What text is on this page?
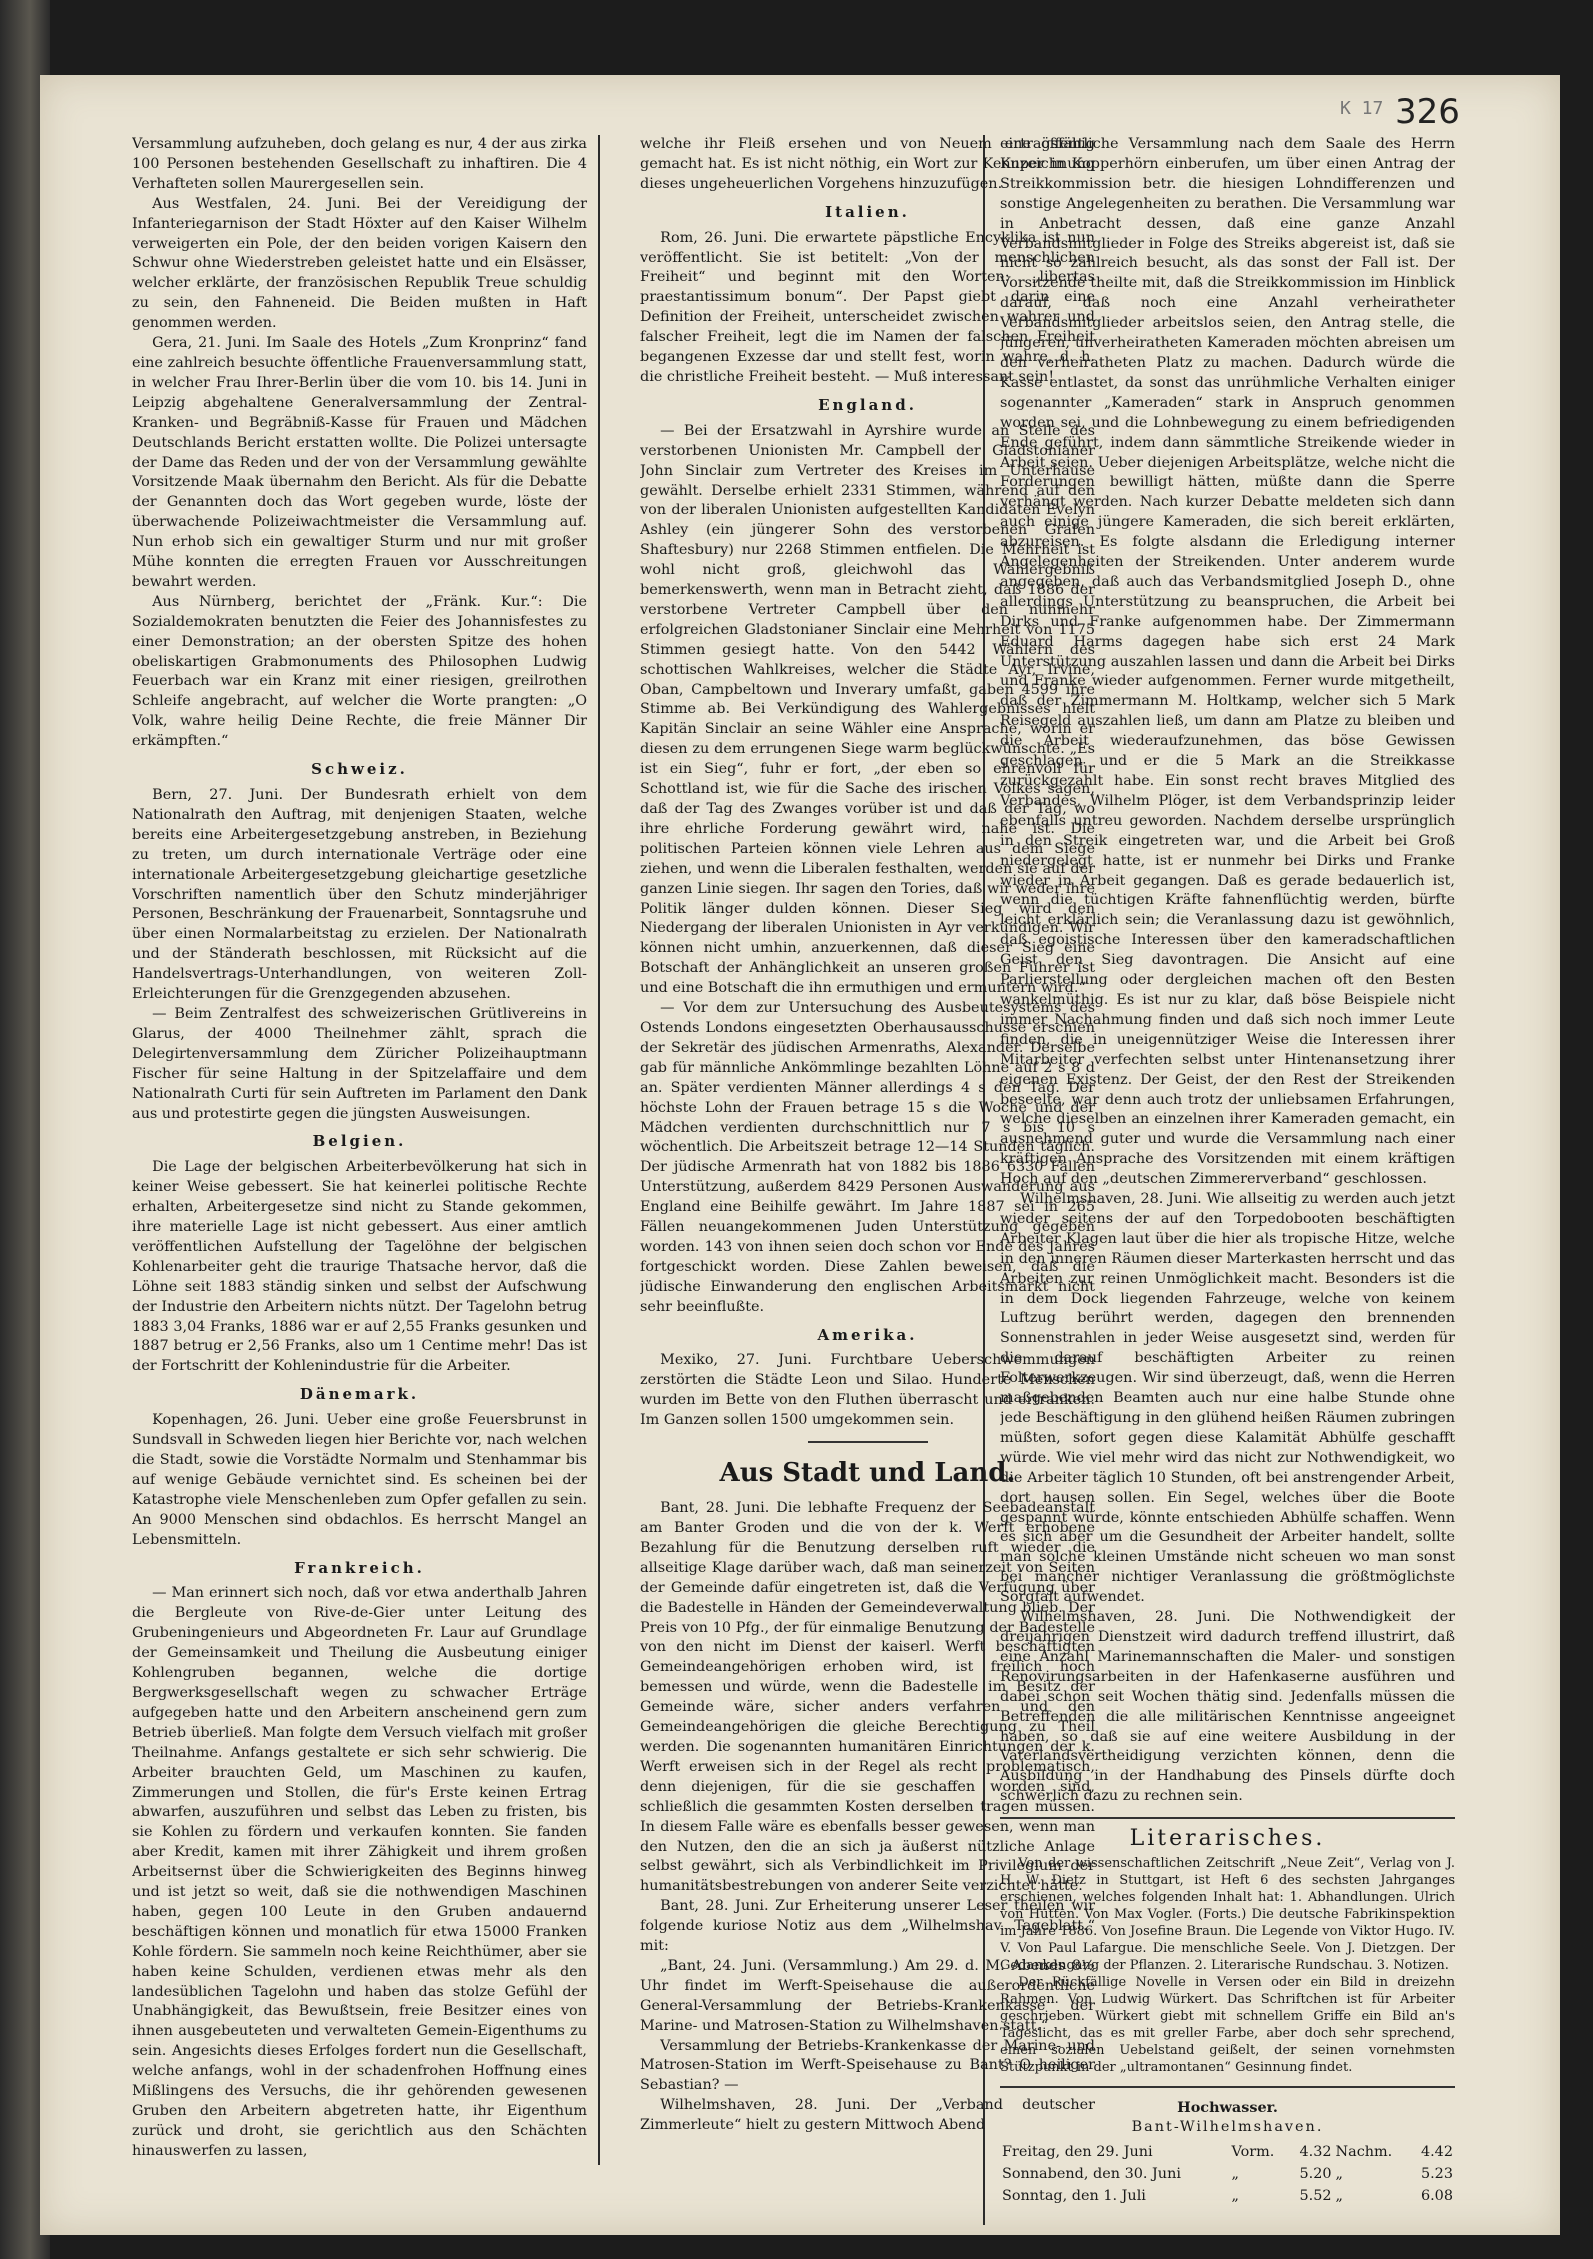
K 17 326

Versammlung aufzuheben, doch gelang es nur, 4 der aus zirka 100 Personen bestehenden Gesellschaft zu inhaftiren. Die 4 Verhafteten sollen Maurergesellen sein.

Aus Westfalen, 24. Juni. Bei der Vereidigung der Infanteriegarnison der Stadt Höxter auf den Kaiser Wilhelm verweigerten ein Pole, der den beiden vorigen Kaisern den Schwur ohne Wiederstreben geleistet hatte und ein Elsässer, welcher erklärte, der französischen Republik Treue schuldig zu sein, den Fahneneid. Die Beiden mußten in Haft genommen werden.

Gera, 21. Juni. Im Saale des Hotels „Zum Kronprinz“ fand eine zahlreich besuchte öffentliche Frauenversammlung statt, in welcher Frau Ihrer-Berlin über die vom 10. bis 14. Juni in Leipzig abgehaltene Generalversammlung der Zentral-Kranken- und Begräbniß-Kasse für Frauen und Mädchen Deutschlands Bericht erstatten wollte. Die Polizei untersagte der Dame das Reden und der von der Versammlung gewählte Vorsitzende Maak übernahm den Bericht. Als für die Debatte der Genannten doch das Wort gegeben wurde, löste der überwachende Polizeiwachtmeister die Versammlung auf. Nun erhob sich ein gewaltiger Sturm und nur mit großer Mühe konnten die erregten Frauen vor Ausschreitungen bewahrt werden.

Aus Nürnberg, berichtet der „Fränk. Kur.“: Die Sozialdemokraten benutzten die Feier des Johannisfestes zu einer Demonstration; an der obersten Spitze des hohen obeliskartigen Grabmonuments des Philosophen Ludwig Feuerbach war ein Kranz mit einer riesigen, greilrothen Schleife angebracht, auf welcher die Worte prangten: „O Volk, wahre heilig Deine Rechte, die freie Männer Dir erkämpften.“

Schweiz.

Bern, 27. Juni. Der Bundesrath erhielt von dem Nationalrath den Auftrag, mit denjenigen Staaten, welche bereits eine Arbeitergesetzgebung anstreben, in Beziehung zu treten, um durch internationale Verträge oder eine internationale Arbeitergesetzgebung gleichartige gesetzliche Vorschriften namentlich über den Schutz minderjähriger Personen, Beschränkung der Frauenarbeit, Sonntagsruhe und über einen Normalarbeitstag zu erzielen. Der Nationalrath und der Ständerath beschlossen, mit Rücksicht auf die Handelsvertrags-Unterhandlungen, von weiteren Zoll-Erleichterungen für die Grenzgegenden abzusehen.

— Beim Zentralfest des schweizerischen Grütlivereins in Glarus, der 4000 Theilnehmer zählt, sprach die Delegirtenversammlung dem Züricher Polizeihauptmann Fischer für seine Haltung in der Spitzelaffaire und dem Nationalrath Curti für sein Auftreten im Parlament den Dank aus und protestirte gegen die jüngsten Ausweisungen.

Belgien.

Die Lage der belgischen Arbeiterbevölkerung hat sich in keiner Weise gebessert. Sie hat keinerlei politische Rechte erhalten, Arbeitergesetze sind nicht zu Stande gekommen, ihre materielle Lage ist nicht gebessert. Aus einer amtlich veröffentlichen Aufstellung der Tagelöhne der belgischen Kohlenarbeiter geht die traurige Thatsache hervor, daß die Löhne seit 1883 ständig sinken und selbst der Aufschwung der Industrie den Arbeitern nichts nützt. Der Tagelohn betrug 1883 3,04 Franks, 1886 war er auf 2,55 Franks gesunken und 1887 betrug er 2,56 Franks, also um 1 Centime mehr! Das ist der Fortschritt der Kohlenindustrie für die Arbeiter.

Dänemark.

Kopenhagen, 26. Juni. Ueber eine große Feuersbrunst in Sundsvall in Schweden liegen hier Berichte vor, nach welchen die Stadt, sowie die Vorstädte Normalm und Stenhammar bis auf wenige Gebäude vernichtet sind. Es scheinen bei der Katastrophe viele Menschenleben zum Opfer gefallen zu sein. An 9000 Menschen sind obdachlos. Es herrscht Mangel an Lebensmitteln.

Frankreich.

— Man erinnert sich noch, daß vor etwa anderthalb Jahren die Bergleute von Rive-de-Gier unter Leitung des Grubeningenieurs und Abgeordneten Fr. Laur auf Grundlage der Gemeinsamkeit und Theilung die Ausbeutung einiger Kohlengruben begannen, welche die dortige Bergwerksgesellschaft wegen zu schwacher Erträge aufgegeben hatte und den Arbeitern anscheinend gern zum Betrieb überließ. Man folgte dem Versuch vielfach mit großer Theilnahme. Anfangs gestaltete er sich sehr schwierig. Die Arbeiter brauchten Geld, um Maschinen zu kaufen, Zimmerungen und Stollen, die für's Erste keinen Ertrag abwarfen, auszuführen und selbst das Leben zu fristen, bis sie Kohlen zu fördern und verkaufen konnten. Sie fanden aber Kredit, kamen mit ihrer Zähigkeit und ihrem großen Arbeitsernst über die Schwierigkeiten des Beginns hinweg und ist jetzt so weit, daß sie die nothwendigen Maschinen haben, gegen 100 Leute in den Gruben andauernd beschäftigen können und monatlich für etwa 15000 Franken Kohle fördern. Sie sammeln noch keine Reichthümer, aber sie haben keine Schulden, verdienen etwas mehr als den landesüblichen Tagelohn und haben das stolze Gefühl der Unabhängigkeit, das Bewußtsein, freie Besitzer eines von ihnen ausgebeuteten und verwalteten Gemein-Eigenthums zu sein. Angesichts dieses Erfolges fordert nun die Gesellschaft, welche anfangs, wohl in der schadenfrohen Hoffnung eines Mißlingens des Versuchs, die ihr gehörenden gewesenen Gruben den Arbeitern abgetreten hatte, ihr Eigenthum zurück und droht, sie gerichtlich aus den Schächten hinauswerfen zu lassen,

welche ihr Fleiß ersehen und von Neuem ertragsfähig gemacht hat. Es ist nicht nöthig, ein Wort zur Kennzeichnung dieses ungeheuerlichen Vorgehens hinzuzufügen.

Italien.

Rom, 26. Juni. Die erwartete päpstliche Encyklika ist nun veröffentlicht. Sie ist betitelt: „Von der menschlichen Freiheit“ und beginnt mit den Worten: „libertas praestantissimum bonum“. Der Papst giebt darin eine Definition der Freiheit, unterscheidet zwischen wahrer und falscher Freiheit, legt die im Namen der falschen Freiheit begangenen Exzesse dar und stellt fest, worin wahre, d. h. die christliche Freiheit besteht. — Muß interessant sein!

England.

— Bei der Ersatzwahl in Ayrshire wurde an Stelle des verstorbenen Unionisten Mr. Campbell der Gladstonianer John Sinclair zum Vertreter des Kreises im Unterhause gewählt. Derselbe erhielt 2331 Stimmen, während auf den von der liberalen Unionisten aufgestellten Kandidaten Evelyn Ashley (ein jüngerer Sohn des verstorbenen Grafen Shaftesbury) nur 2268 Stimmen entfielen. Die Mehrheit ist wohl nicht groß, gleichwohl das Wahlergebniß bemerkenswerth, wenn man in Betracht zieht, daß 1886 der verstorbene Vertreter Campbell über den nunmehr erfolgreichen Gladstonianer Sinclair eine Mehrheit von 1175 Stimmen gesiegt hatte. Von den 5442 Wählern des schottischen Wahlkreises, welcher die Städte Ayr, Irvine, Oban, Campbeltown und Inverary umfaßt, gaben 4599 ihre Stimme ab. Bei Verkündigung des Wahlergebnisses hielt Kapitän Sinclair an seine Wähler eine Ansprache, worin er diesen zu dem errungenen Siege warm beglückwünschte. „Es ist ein Sieg“, fuhr er fort, „der eben so ehrenvoll für Schottland ist, wie für die Sache des irischen Volkes sagen, daß der Tag des Zwanges vorüber ist und daß der Tag, wo ihre ehrliche Forderung gewährt wird, nahe ist. Die politischen Parteien können viele Lehren aus dem Siege ziehen, und wenn die Liberalen festhalten, werden sie auf der ganzen Linie siegen. Ihr sagen den Tories, daß wir weder ihre Politik länger dulden können. Dieser Sieg wird den Niedergang der liberalen Unionisten in Ayr verkündigen. Wir können nicht umhin, anzuerkennen, daß dieser Sieg eine Botschaft der Anhänglichkeit an unseren großen Führer ist und eine Botschaft die ihn ermuthigen und ermuntern wird.“

— Vor dem zur Untersuchung des Ausbeutesystems des Ostends Londons eingesetzten Oberhausausschusse erschien der Sekretär des jüdischen Armenraths, Alexander. Derselbe gab für männliche Ankömmlinge bezahlten Löhne auf 2 s 8 d an. Später verdienten Männer allerdings 4 s den Tag. Der höchste Lohn der Frauen betrage 15 s die Woche und der Mädchen verdienten durchschnittlich nur 7 s bis 10 s wöchentlich. Die Arbeitszeit betrage 12—14 Stunden täglich. Der jüdische Armenrath hat von 1882 bis 1886 6330 Fällen Unterstützung, außerdem 8429 Personen Auswanderung aus England eine Beihilfe gewährt. Im Jahre 1887 sei in 265 Fällen neuangekommenen Juden Unterstützung gegeben worden. 143 von ihnen seien doch schon vor Ende des Jahres fortgeschickt worden. Diese Zahlen beweisen, daß die jüdische Einwanderung den englischen Arbeitsmarkt nicht sehr beeinflußte.

Amerika.

Mexiko, 27. Juni. Furchtbare Ueberschwemmungen zerstörten die Städte Leon und Silao. Hunderte Menschen wurden im Bette von den Fluthen überrascht und ertranken. Im Ganzen sollen 1500 umgekommen sein.

Aus Stadt und Land.

Bant, 28. Juni. Die lebhafte Frequenz der Seebadeanstalt am Banter Groden und die von der k. Werft erhobene Bezahlung für die Benutzung derselben ruft wieder die allseitige Klage darüber wach, daß man seinerzeit von Seiten der Gemeinde dafür eingetreten ist, daß die Verfügung über die Badestelle in Händen der Gemeindeverwaltung blieb. Der Preis von 10 Pfg., der für einmalige Benutzung der Badestelle von den nicht im Dienst der kaiserl. Werft beschäftigten Gemeindeangehörigen erhoben wird, ist freilich hoch bemessen und würde, wenn die Badestelle im Besitz der Gemeinde wäre, sicher anders verfahren und den Gemeindeangehörigen die gleiche Berechtigung zu Theil werden. Die sogenannten humanitären Einrichtungen der k. Werft erweisen sich in der Regel als recht problematisch, denn diejenigen, für die sie geschaffen worden sind, schließlich die gesammten Kosten derselben tragen müssen. In diesem Falle wäre es ebenfalls besser gewesen, wenn man den Nutzen, den die an sich ja äußerst nützliche Anlage selbst gewährt, sich als Verbindlichkeit im Privilegium der humanitätsbestrebungen von anderer Seite verzichtet hätte.

Bant, 28. Juni. Zur Erheiterung unserer Leser theilen wir folgende kuriose Notiz aus dem „Wilhelmshav. Tageblatt.“ mit:

„Bant, 24. Juni. (Versammlung.) Am 29. d. M. Abends 8½ Uhr findet im Werft-Speisehause die außerordentliche General-Versammlung der Betriebs-Krankenkasse der Marine- und Matrosen-Station zu Wilhelmshaven statt.“

Versammlung der Betriebs-Krankenkasse der Marine- und Matrosen-Station im Werft-Speisehause zu Bant? O heiliger Sebastian? —

Wilhelmshaven, 28. Juni. Der „Verband deutscher Zimmerleute“ hielt zu gestern Mittwoch Abend

eine öffentliche Versammlung nach dem Saale des Herrn Kuper in Kopperhörn einberufen, um über einen Antrag der Streikkommission betr. die hiesigen Lohndifferenzen und sonstige Angelegenheiten zu berathen. Die Versammlung war in Anbetracht dessen, daß eine ganze Anzahl Verbandsmitglieder in Folge des Streiks abgereist ist, daß sie nicht so zahlreich besucht, als das sonst der Fall ist. Der Vorsitzende theilte mit, daß die Streikkommission im Hinblick darauf, daß noch eine Anzahl verheiratheter Verbandsmitglieder arbeitslos seien, den Antrag stelle, die jüngeren, unverheiratheten Kameraden möchten abreisen um den verheiratheten Platz zu machen. Dadurch würde die Kasse entlastet, da sonst das unrühmliche Verhalten einiger sogenannter „Kameraden“ stark in Anspruch genommen worden sei, und die Lohnbewegung zu einem befriedigenden Ende geführt, indem dann sämmtliche Streikende wieder in Arbeit seien. Ueber diejenigen Arbeitsplätze, welche nicht die Forderungen bewilligt hätten, müßte dann die Sperre verhängt werden. Nach kurzer Debatte meldeten sich dann auch einige jüngere Kameraden, die sich bereit erklärten, abzureisen. Es folgte alsdann die Erledigung interner Angelegenheiten der Streikenden. Unter anderem wurde angegeben, daß auch das Verbandsmitglied Joseph D., ohne allerdings Unterstützung zu beanspruchen, die Arbeit bei Dirks und Franke aufgenommen habe. Der Zimmermann Eduard Harms dagegen habe sich erst 24 Mark Unterstützung auszahlen lassen und dann die Arbeit bei Dirks und Franke wieder aufgenommen. Ferner wurde mitgetheilt, daß der Zimmermann M. Holtkamp, welcher sich 5 Mark Reisegeld auszahlen ließ, um dann am Platze zu bleiben und die Arbeit wiederaufzunehmen, das böse Gewissen geschlagen und er die 5 Mark an die Streikkasse zurückgezahlt habe. Ein sonst recht braves Mitglied des Verbandes, Wilhelm Plöger, ist dem Verbandsprinzip leider ebenfalls untreu geworden. Nachdem derselbe ursprünglich in den Streik eingetreten war, und die Arbeit bei Groß niedergelegt hatte, ist er nunmehr bei Dirks und Franke wieder in Arbeit gegangen. Daß es gerade bedauerlich ist, wenn die tüchtigen Kräfte fahnenflüchtig werden, bürfte leicht erklärlich sein; die Veranlassung dazu ist gewöhnlich, daß egoistische Interessen über den kameradschaftlichen Geist den Sieg davontragen. Die Ansicht auf eine Parlierstellung oder dergleichen machen oft den Besten wankelmüthig. Es ist nur zu klar, daß böse Beispiele nicht immer Nachahmung finden und daß sich noch immer Leute finden, die in uneigennütziger Weise die Interessen ihrer Mitarbeiter verfechten selbst unter Hintenansetzung ihrer eigenen Existenz. Der Geist, der den Rest der Streikenden beseelte, war denn auch trotz der unliebsamen Erfahrungen, welche dieselben an einzelnen ihrer Kameraden gemacht, ein ausnehmend guter und wurde die Versammlung nach einer kräftigen Ansprache des Vorsitzenden mit einem kräftigen Hoch auf den „deutschen Zimmererverband“ geschlossen.

Wilhelmshaven, 28. Juni. Wie allseitig zu werden auch jetzt wieder seitens der auf den Torpedobooten beschäftigten Arbeiter Klagen laut über die hier als tropische Hitze, welche in den inneren Räumen dieser Marterkasten herrscht und das Arbeiten zur reinen Unmöglichkeit macht. Besonders ist die in dem Dock liegenden Fahrzeuge, welche von keinem Luftzug berührt werden, dagegen den brennenden Sonnenstrahlen in jeder Weise ausgesetzt sind, werden für die darauf beschäftigten Arbeiter zu reinen Folterwerkzeugen. Wir sind überzeugt, daß, wenn die Herren maßgebenden Beamten auch nur eine halbe Stunde ohne jede Beschäftigung in den glühend heißen Räumen zubringen müßten, sofort gegen diese Kalamität Abhülfe geschafft würde. Wie viel mehr wird das nicht zur Nothwendigkeit, wo die Arbeiter täglich 10 Stunden, oft bei anstrengender Arbeit, dort hausen sollen. Ein Segel, welches über die Boote gespannt würde, könnte entschieden Abhülfe schaffen. Wenn es sich aber um die Gesundheit der Arbeiter handelt, sollte man solche kleinen Umstände nicht scheuen wo man sonst bei mancher nichtiger Veranlassung die größtmöglichste Sorgfalt aufwendet.

Wilhelmshaven, 28. Juni. Die Nothwendigkeit der dreijährigen Dienstzeit wird dadurch treffend illustrirt, daß eine Anzahl Marinemannschaften die Maler- und sonstigen Renovirungsarbeiten in der Hafenkaserne ausführen und dabei schon seit Wochen thätig sind. Jedenfalls müssen die Betreffenden die alle militärischen Kenntnisse angeeignet haben, so daß sie auf eine weitere Ausbildung in der Vaterlandsvertheidigung verzichten können, denn die Ausbildung in der Handhabung des Pinsels dürfte doch schwerlich dazu zu rechnen sein.

Literarisches.

Von der wissenschaftlichen Zeitschrift „Neue Zeit“, Verlag von J. H. W. Dietz in Stuttgart, ist Heft 6 des sechsten Jahrganges erschienen, welches folgenden Inhalt hat: 1. Abhandlungen. Ulrich von Hutten. Von Max Vogler. (Forts.) Die deutsche Fabrikinspektion im Jahre 1886. Von Josefine Braun. Die Legende von Viktor Hugo. IV. V. Von Paul Lafargue. Die menschliche Seele. Von J. Dietzgen. Der Gedankengang der Pflanzen. 2. Literarische Rundschau. 3. Notizen.

Der Rückfällige Novelle in Versen oder ein Bild in dreizehn Rahmen. Von Ludwig Würkert. Das Schriftchen ist für Arbeiter geschrieben. Würkert giebt mit schnellem Griffe ein Bild an's Tageslicht, das es mit greller Farbe, aber doch sehr sprechend, einen sozialen Uebelstand geißelt, der seinen vornehmsten Stützpunkt in der „ultramontanen“ Gesinnung findet.

Hochwasser.
Bant-Wilhelmshaven.
Freitag, den 29. Juni	Vorm.	4.32	Nachm.	4.42
Sonnabend, den 30. Juni	„	5.20	„	5.23
Sonntag, den 1. Juli	„	5.52	„	6.08
